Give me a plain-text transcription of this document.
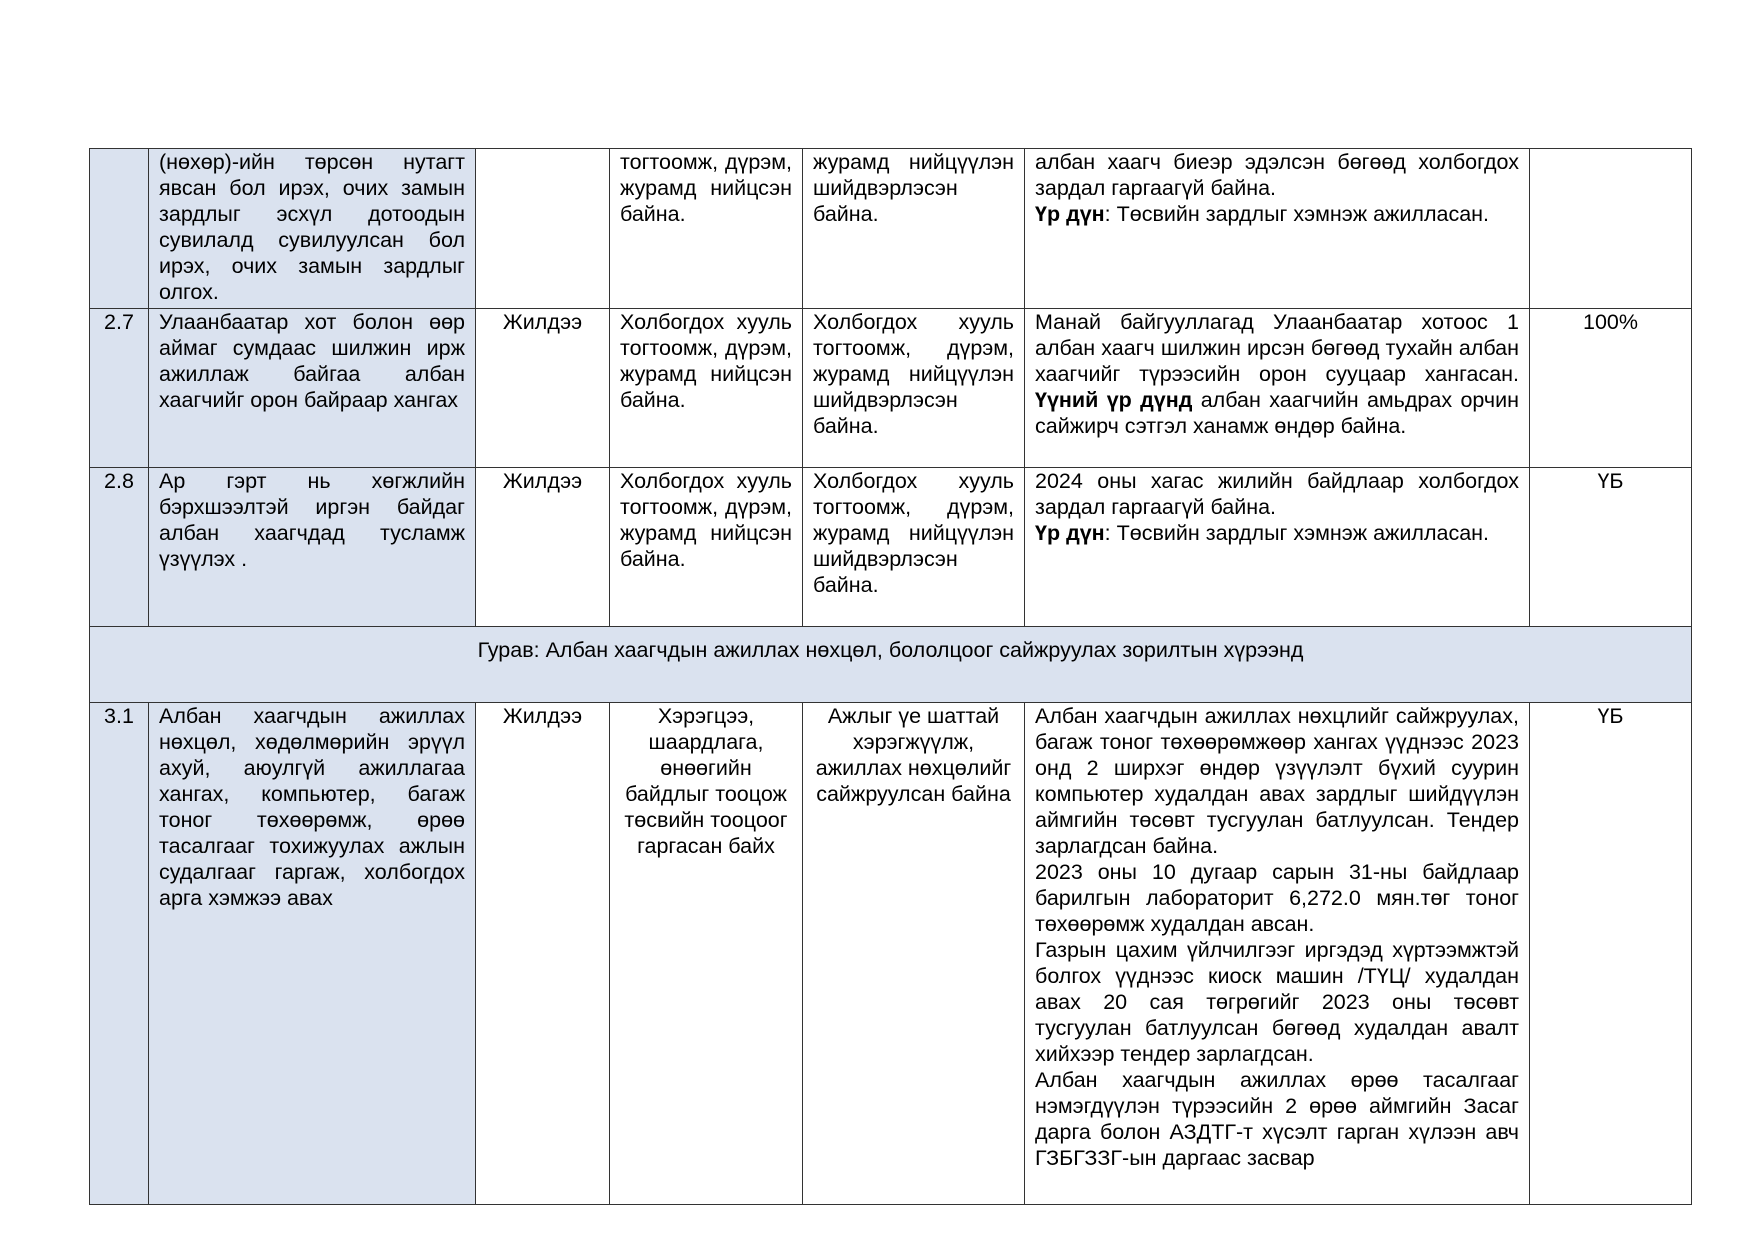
	(нөхөр)-ийн төрсөн нутагт явсан бол ирэх, очих замын зардлыг эсхүл дотоодын сувилалд сувилуулсан бол ирэх, очих замын зардлыг олгох.		тогтоомж, дүрэм, журамд нийцсэн байна.	журамд нийцүүлэн шийдвэрлэсэн байна.	албан хаагч биеэр эдэлсэн бөгөөд холбогдох зардал гаргаагүй байна.

Үр дүн: Төсвийн зардлыг хэмнэж ажилласан.	

2.7	Улаанбаатар хот болон өөр аймаг сумдаас шилжин ирж ажиллаж байгаа албан хаагчийг орон байраар хангах	Жилдээ	Холбогдох хууль тогтоомж, дүрэм, журамд нийцсэн байна.	Холбогдох хууль тогтоомж, дүрэм, журамд нийцүүлэн шийдвэрлэсэн байна.	Манай байгууллагад Улаанбаатар хотоос 1 албан хаагч шилжин ирсэн бөгөөд тухайн албан хаагчийг түрээсийн орон сууцаар хангасан. Үүний үр дүнд албан хаагчийн амьдрах орчин сайжирч сэтгэл ханамж өндөр байна.	100%
2.8	Ар гэрт нь хөгжлийн бэрхшээлтэй иргэн байдаг албан хаагчдад тусламж үзүүлэх .	Жилдээ	Холбогдох хууль тогтоомж, дүрэм, журамд нийцсэн байна.	Холбогдох хууль тогтоомж, дүрэм, журамд нийцүүлэн шийдвэрлэсэн байна.	2024 оны хагас жилийн байдлаар холбогдох зардал гаргаагүй байна.

Үр дүн: Төсвийн зардлыг хэмнэж ажилласан.	ҮБ
Гурав: Албан хаагчдын ажиллах нөхцөл, бололцоог сайжруулах зорилтын хүрээнд						
3.1	Албан хаагчдын ажиллах нөхцөл, хөдөлмөрийн эрүүл ахуй, аюулгүй ажиллагаа хангах, компьютер, багаж тоног төхөөрөмж, өрөө тасалгааг тохижуулах ажлын судалгааг гаргаж, холбогдох арга хэмжээ авах	Жилдээ	Хэрэгцээ, шаардлага, өнөөгийн байдлыг тооцож төсвийн тооцоог гаргасан байх	Ажлыг үе шаттай хэрэгжүүлж, ажиллах нөхцөлийг сайжруулсан байна	Албан хаагчдын ажиллах нөхцлийг сайжруулах, багаж тоног төхөөрөмжөөр хангах үүднээс 2023 онд 2 ширхэг өндөр үзүүлэлт бүхий суурин компьютер худалдан авах зардлыг шийдүүлэн аймгийн төсөвт тусгуулан батлуулсан. Тендер зарлагдсан байна.

2023 оны 10 дугаар сарын 31-ны байдлаар барилгын лабораторит 6,272.0 мян.төг тоног төхөөрөмж худалдан авсан.

Газрын цахим үйлчилгээг иргэдэд хүртээмжтэй болгох үүднээс киоск машин /ТҮЦ/ худалдан авах 20 сая төгрөгийг 2023 оны төсөвт тусгуулан батлуулсан бөгөөд худалдан авалт хийхээр тендер зарлагдсан.

Албан хаагчдын ажиллах өрөө тасалгааг нэмэгдүүлэн түрээсийн 2 өрөө аймгийн Засаг дарга болон АЗДТГ-т хүсэлт гарган хүлээн авч ГЗБГЗЗГ-ын даргаас засвар	ҮБ
